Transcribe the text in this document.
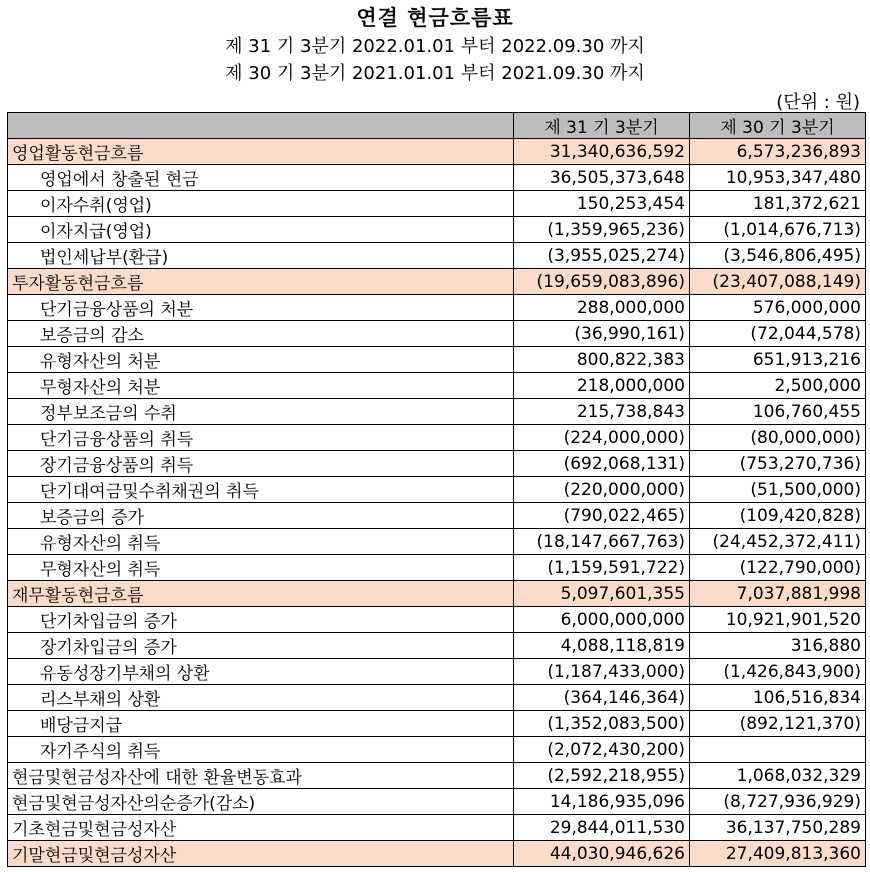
연결 현금흐름표
제 31 기 3분기 2022.01.01 부터 2022.09.30 까지
제 30 기 3분기 2021.01.01 부터 2021.09.30 까지
(단위 : 원)
	제 31 기 3분기	제 30 기 3분기
영업활동현금흐름	31,340,636,592	6,573,236,893
영업에서 창출된 현금	36,505,373,648	10,953,347,480
이자수취(영업)	150,253,454	181,372,621
이자지급(영업)	(1,359,965,236)	(1,014,676,713)
법인세납부(환급)	(3,955,025,274)	(3,546,806,495)
투자활동현금흐름	(19,659,083,896)	(23,407,088,149)
단기금융상품의 처분	288,000,000	576,000,000
보증금의 감소	(36,990,161)	(72,044,578)
유형자산의 처분	800,822,383	651,913,216
무형자산의 처분	218,000,000	2,500,000
정부보조금의 수취	215,738,843	106,760,455
단기금융상품의 취득	(224,000,000)	(80,000,000)
장기금융상품의 취득	(692,068,131)	(753,270,736)
단기대여금및수취채권의 취득	(220,000,000)	(51,500,000)
보증금의 증가	(790,022,465)	(109,420,828)
유형자산의 취득	(18,147,667,763)	(24,452,372,411)
무형자산의 취득	(1,159,591,722)	(122,790,000)
재무활동현금흐름	5,097,601,355	7,037,881,998
단기차입금의 증가	6,000,000,000	10,921,901,520
장기차입금의 증가	4,088,118,819	316,880
유동성장기부채의 상환	(1,187,433,000)	(1,426,843,900)
리스부채의 상환	(364,146,364)	106,516,834
배당금지급	(1,352,083,500)	(892,121,370)
자기주식의 취득	(2,072,430,200)	
현금및현금성자산에 대한 환율변동효과	(2,592,218,955)	1,068,032,329
현금및현금성자산의순증가(감소)	14,186,935,096	(8,727,936,929)
기초현금및현금성자산	29,844,011,530	36,137,750,289
기말현금및현금성자산	44,030,946,626	27,409,813,360
